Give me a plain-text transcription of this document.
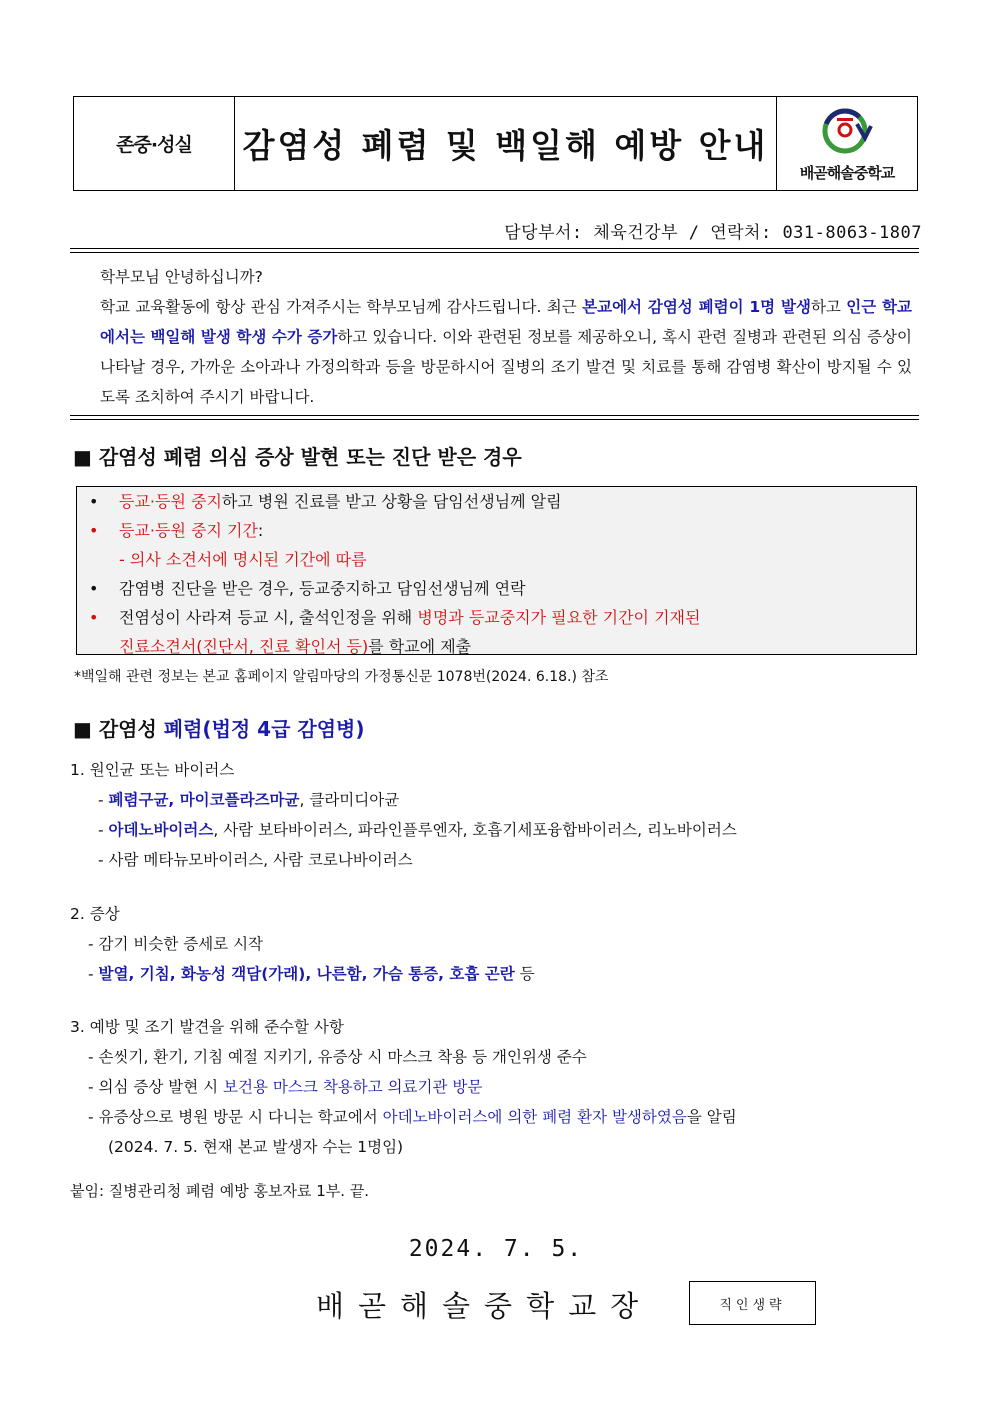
존중·성실	감염성 폐렴 및 백일해 예방 안내
배곧해솔중학교
담당부서: 체육건강부 / 연락처: 031-8063-1807

학부모님 안녕하십니까?

학교 교육활동에 항상 관심 가져주시는 학부모님께 감사드립니다. 최근 본교에서 감염성 폐렴이 1명 발생하고 인근 학교에서는 백일해 발생 학생 수가 증가하고 있습니다. 이와 관련된 정보를 제공하오니, 혹시 관련 질병과 관련된 의심 증상이 나타날 경우, 가까운 소아과나 가정의학과 등을 방문하시어 질병의 조기 발견 및 치료를 통해 감염병 확산이 방지될 수 있도록 조치하여 주시기 바랍니다.

■ 감염성 폐렴 의심 증상 발현 또는 진단 받은 경우
• 등교·등원 중지하고 병원 진료를 받고 상황을 담임선생님께 알림
• 등교·등원 중지 기간:
- 의사 소견서에 명시된 기간에 따름
• 감염병 진단을 받은 경우, 등교중지하고 담임선생님께 연락
• 전염성이 사라져 등교 시, 출석인정을 위해 병명과 등교중지가 필요한 기간이 기재된
진료소견서(진단서, 진료 확인서 등)를 학교에 제출
*백일해 관련 정보는 본교 홈페이지 알림마당의 가정통신문 1078번(2024. 6.18.) 참조
■ 감염성 폐렴(법정 4급 감염병)
1. 원인균 또는 바이러스
- 폐렴구균, 마이코플라즈마균, 클라미디아균
- 아데노바이러스, 사람 보타바이러스, 파라인플루엔자, 호흡기세포융합바이러스, 리노바이러스
- 사람 메타뉴모바이러스, 사람 코로나바이러스
2. 증상
- 감기 비슷한 증세로 시작
- 발열, 기침, 화농성 객담(가래), 나른함, 가슴 통증, 호흡 곤란 등
3. 예방 및 조기 발견을 위해 준수할 사항
- 손씻기, 환기, 기침 예절 지키기, 유증상 시 마스크 착용 등 개인위생 준수
- 의심 증상 발현 시 보건용 마스크 착용하고 의료기관 방문
- 유증상으로 병원 방문 시 다니는 학교에서 아데노바이러스에 의한 폐렴 환자 발생하였음을 알림
(2024. 7. 5. 현재 본교 발생자 수는 1명임)
붙임: 질병관리청 폐렴 예방 홍보자료 1부. 끝.
2024. 7. 5.
배곧해솔중학교장	직인생략
